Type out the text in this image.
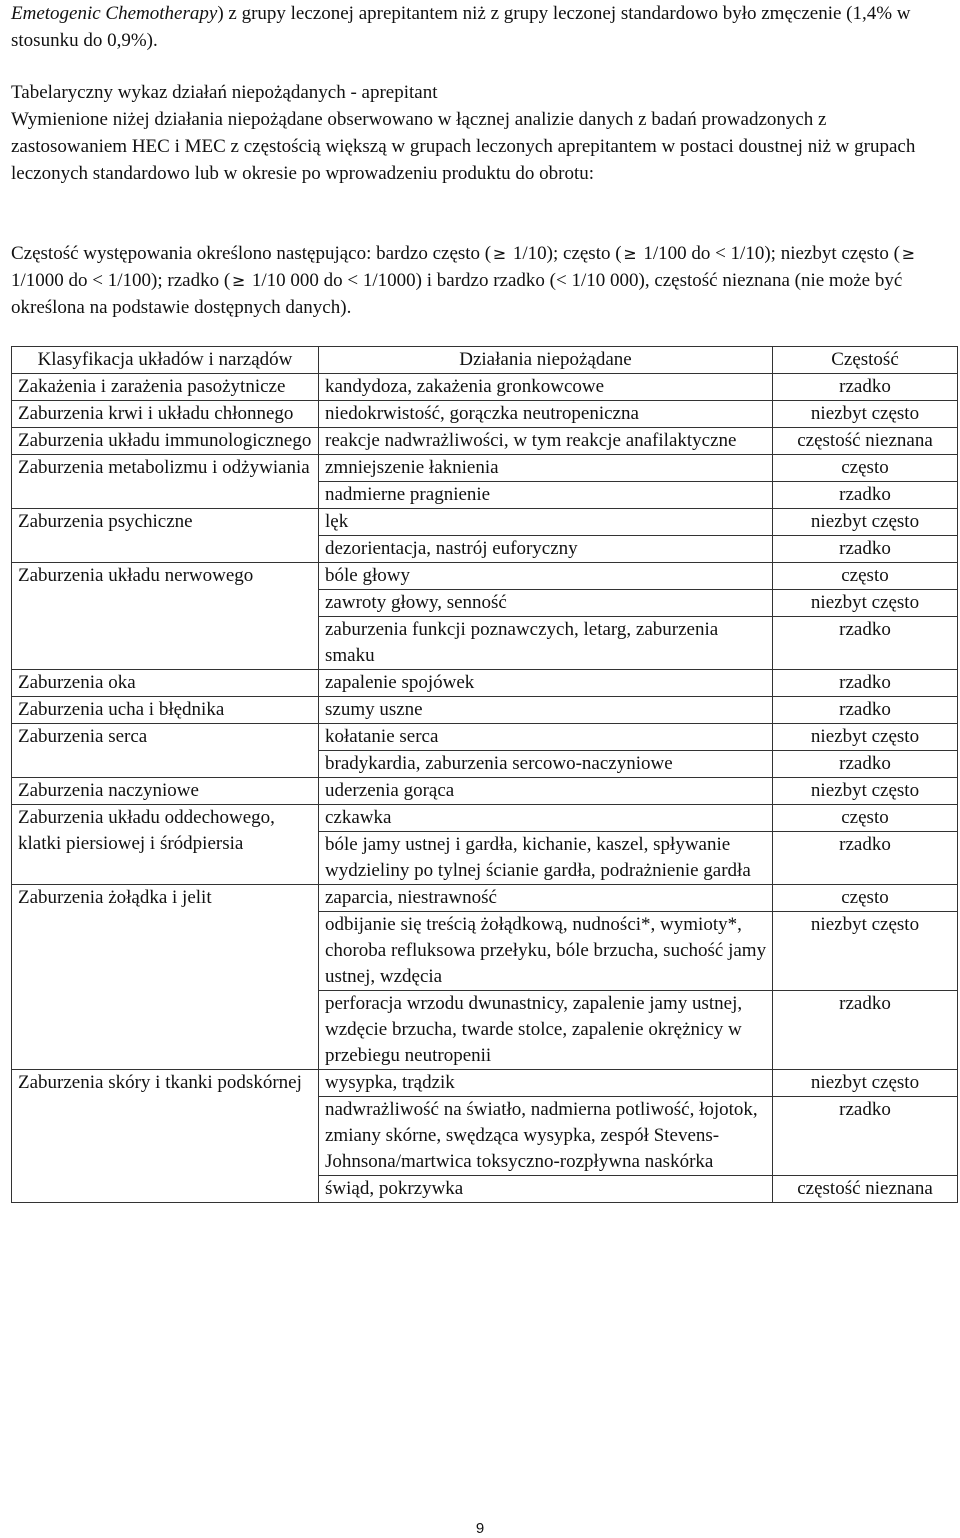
Emetogenic Chemotherapy) z grupy leczonej aprepitantem niż z grupy leczonej standardowo było zmęczenie (1,4% w stosunku do 0,9%).

Tabelaryczny wykaz działań niepożądanych - aprepitant
Wymienione niżej działania niepożądane obserwowano w łącznej analizie danych z badań prowadzonych z zastosowaniem HEC i MEC z częstością większą w grupach leczonych aprepitantem w postaci doustnej niż w grupach leczonych standardowo lub w okresie po wprowadzeniu produktu do obrotu:

Częstość występowania określono następująco: bardzo często ( ≥ 1/10); często ( ≥ 1/100 do < 1/10); niezbyt często ( ≥ 1/1000 do < 1/100); rzadko ( ≥ 1/10 000 do < 1/1000) i bardzo rzadko (< 1/10 000), częstość nieznana (nie może być określona na podstawie dostępnych danych).

Klasyfikacja układów i narządów	Działania niepożądane	Częstość
Zakażenia i zarażenia pasożytnicze	kandydoza, zakażenia gronkowcowe	rzadko
Zaburzenia krwi i układu chłonnego	niedokrwistość, gorączka neutropeniczna	niezbyt często
Zaburzenia układu immunologicznego	reakcje nadwrażliwości, w tym reakcje anafilaktyczne	częstość nieznana
Zaburzenia metabolizmu i odżywiania	zmniejszenie łaknienia	często
	nadmierne pragnienie	rzadko
Zaburzenia psychiczne	lęk	niezbyt często
	dezorientacja, nastrój euforyczny	rzadko
Zaburzenia układu nerwowego	bóle głowy	często
	zawroty głowy, senność	niezbyt często
	zaburzenia funkcji poznawczych, letarg, zaburzenia smaku	rzadko
Zaburzenia oka	zapalenie spojówek	rzadko
Zaburzenia ucha i błędnika	szumy uszne	rzadko
Zaburzenia serca	kołatanie serca	niezbyt często
	bradykardia, zaburzenia sercowo-naczyniowe	rzadko
Zaburzenia naczyniowe	uderzenia gorąca	niezbyt często
Zaburzenia układu oddechowego, klatki piersiowej i śródpiersia	czkawka	często
	bóle jamy ustnej i gardła, kichanie, kaszel, spływanie wydzieliny po tylnej ścianie gardła, podrażnienie gardła	rzadko
Zaburzenia żołądka i jelit	zaparcia, niestrawność	często
	odbijanie się treścią żołądkową, nudności*, wymioty*, choroba refluksowa przełyku, bóle brzucha, suchość jamy ustnej, wzdęcia	niezbyt często
	perforacja wrzodu dwunastnicy, zapalenie jamy ustnej, wzdęcie brzucha, twarde stolce, zapalenie okrężnicy w przebiegu neutropenii	rzadko
Zaburzenia skóry i tkanki podskórnej	wysypka, trądzik	niezbyt często
	nadwrażliwość na światło, nadmierna potliwość, łojotok, zmiany skórne, swędząca wysypka, zespół Stevens-Johnsona/martwica toksyczno-rozpływna naskórka	rzadko
	świąd, pokrzywka	częstość nieznana
9
